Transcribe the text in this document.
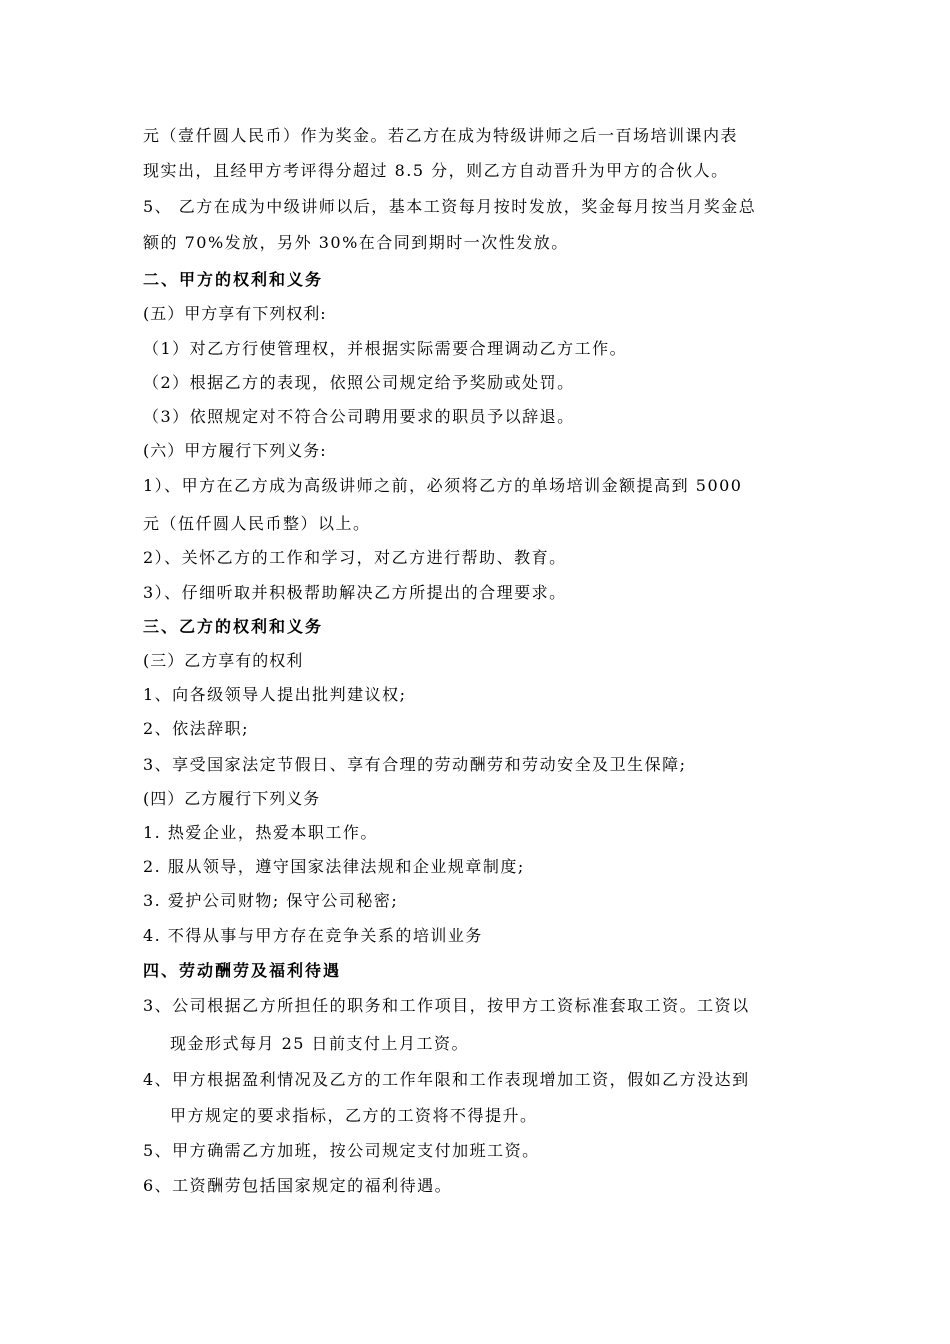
元（壹仟圆人民币）作为奖金。若乙方在成为特级讲师之后一百场培训课内表
现实出，且经甲方考评得分超过 8.5 分，则乙方自动晋升为甲方的合伙人。
5、 乙方在成为中级讲师以后，基本工资每月按时发放，奖金每月按当月奖金总
额的 70%发放，另外 30%在合同到期时一次性发放。
二、甲方的权利和义务
(五）甲方享有下列权利:
（1）对乙方行使管理权，并根据实际需要合理调动乙方工作。
（2）根据乙方的表现，依照公司规定给予奖励或处罚。
（3）依照规定对不符合公司聘用要求的职员予以辞退。
(六）甲方履行下列义务:
1）、甲方在乙方成为高级讲师之前，必须将乙方的单场培训金额提高到 5000
元（伍仟圆人民币整）以上。
2）、关怀乙方的工作和学习，对乙方进行帮助、教育。
3）、仔细听取并积极帮助解决乙方所提出的合理要求。
三、乙方的权利和义务
(三）乙方享有的权利
1、向各级领导人提出批判建议权;
2、依法辞职;
3、享受国家法定节假日、享有合理的劳动酬劳和劳动安全及卫生保障;
(四）乙方履行下列义务
1. 热爱企业，热爱本职工作。
2. 服从领导，遵守国家法律法规和企业规章制度;
3. 爱护公司财物; 保守公司秘密;
4. 不得从事与甲方存在竞争关系的培训业务
四、劳动酬劳及福利待遇
3、公司根据乙方所担任的职务和工作项目，按甲方工资标准套取工资。工资以
现金形式每月 25 日前支付上月工资。
4、甲方根据盈利情况及乙方的工作年限和工作表现增加工资，假如乙方没达到
甲方规定的要求指标，乙方的工资将不得提升。
5、甲方确需乙方加班，按公司规定支付加班工资。
6、工资酬劳包括国家规定的福利待遇。
